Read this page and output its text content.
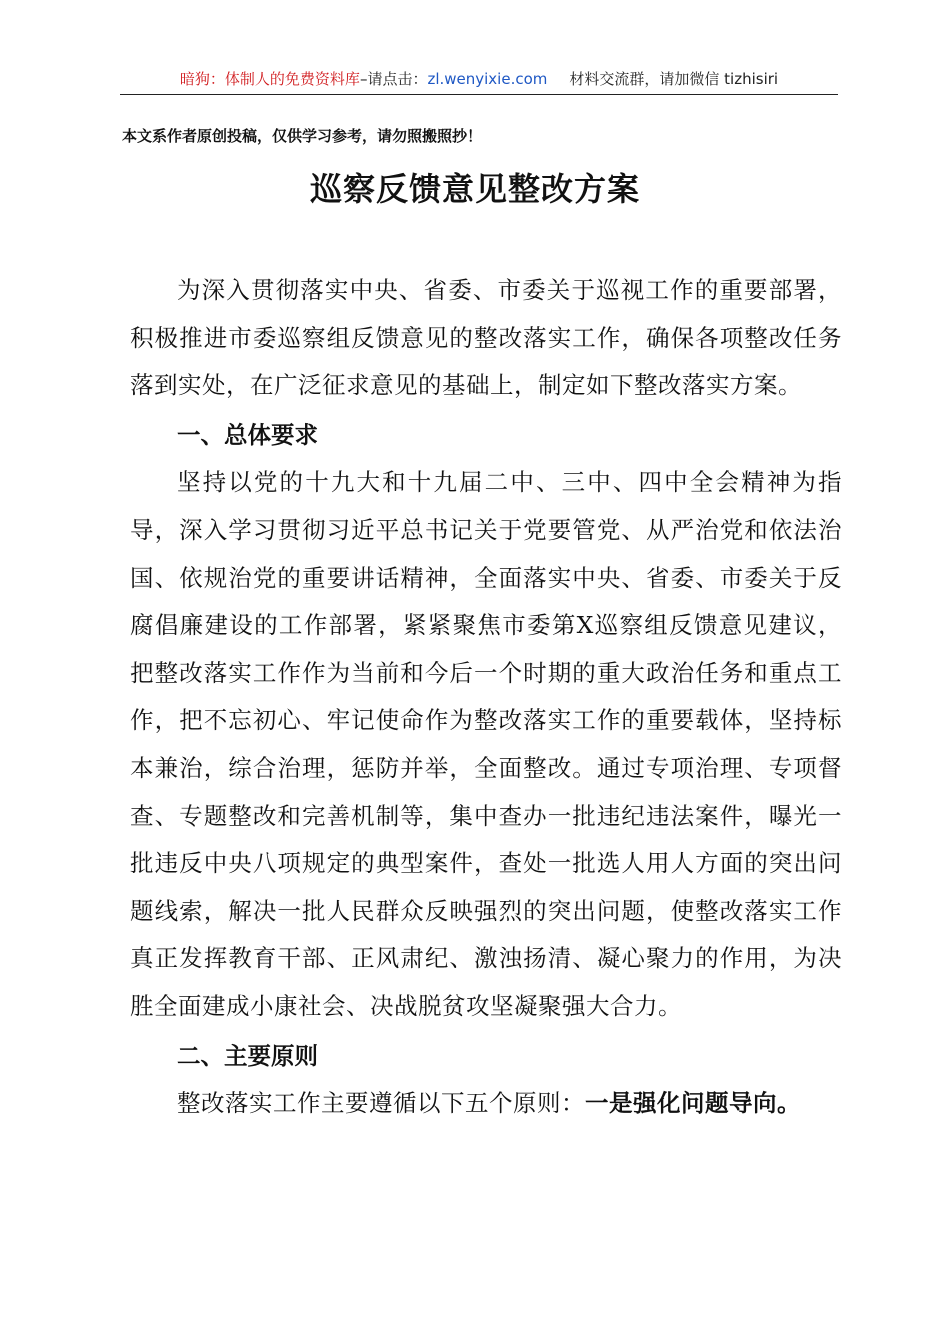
暗狗：体制人的免费资料库–请点击：zl.wenyixie.com 材料交流群，请加微信 tizhisiri
本文系作者原创投稿，仅供学习参考，请勿照搬照抄！
巡察反馈意见整改方案

为深入贯彻落实中央、省委、市委关于巡视工作的重要部署，积极推进市委巡察组反馈意见的整改落实工作，确保各项整改任务落到实处，在广泛征求意见的基础上，制定如下整改落实方案。

一、总体要求

坚持以党的十九大和十九届二中、三中、四中全会精神为指导，深入学习贯彻习近平总书记关于党要管党、从严治党和依法治国、依规治党的重要讲话精神，全面落实中央、省委、市委关于反腐倡廉建设的工作部署，紧紧聚焦市委第X巡察组反馈意见建议，把整改落实工作作为当前和今后一个时期的重大政治任务和重点工作，把不忘初心、牢记使命作为整改落实工作的重要载体，坚持标本兼治，综合治理，惩防并举，全面整改。通过专项治理、专项督查、专题整改和完善机制等，集中查办一批违纪违法案件，曝光一批违反中央八项规定的典型案件，查处一批选人用人方面的突出问题线索，解决一批人民群众反映强烈的突出问题，使整改落实工作真正发挥教育干部、正风肃纪、激浊扬清、凝心聚力的作用，为决胜全面建成小康社会、决战脱贫攻坚凝聚强大合力。

二、主要原则

整改落实工作主要遵循以下五个原则：一是强化问题导向。
